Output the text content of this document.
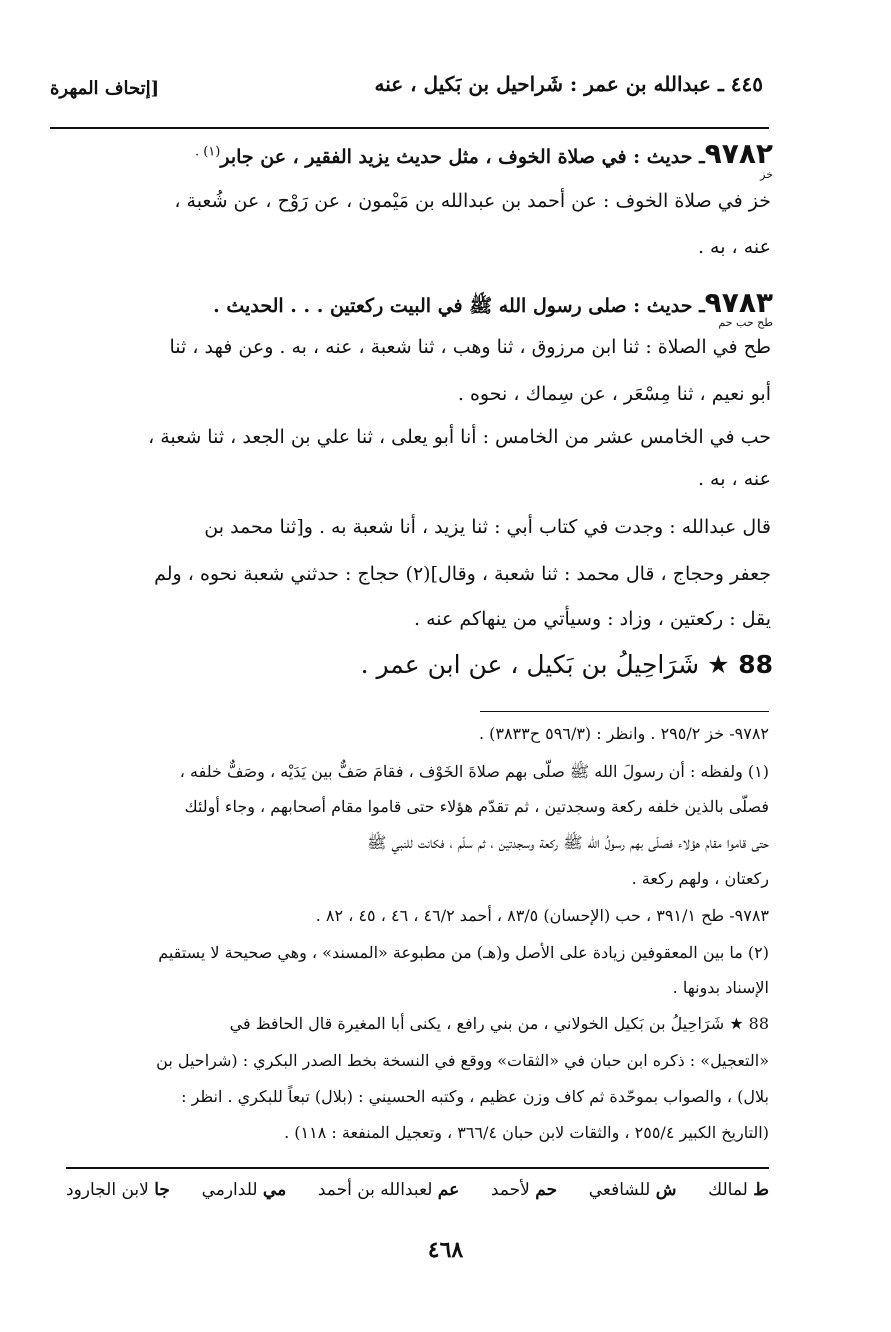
٤٤٥ ـ عبدالله بن عمر : شَراحيل بن بَكيل ، عنه
[إتحاف المهرة
٩٧٨٢ـ حديث : في صلاة الخوف ، مثل حديث يزيد الفقير ، عن جابر$^{(١) .}$
خز
خز في صلاة الخوف : عن أحمد بن عبدالله بن مَيْمون ، عن رَوْح ، عن شُعبة ،
عنه ، به .
٩٧٨٣ـ حديث : صلى رسول الله ﷺ في البيت ركعتين . . . الحديث .
طح حب حم
طح في الصلاة : ثنا ابن مرزوق ، ثنا وهب ، ثنا شعبة ، عنه ، به . وعن فهد ، ثنا
أبو نعيم ، ثنا مِسْعَر ، عن سِماك ، نحوه .
حب في الخامس عشر من الخامس : أنا أبو يعلى ، ثنا علي بن الجعد ، ثنا شعبة ،
عنه ، به .
قال عبدالله : وجدت في كتاب أبي : ثنا يزيد ، أنا شعبة به . و[ثنا محمد بن
جعفر وحجاج ، قال محمد : ثنا شعبة ، وقال](٢) حجاج : حدثني شعبة نحوه ، ولم
يقل : ركعتين ، وزاد : وسيأتي من ينهاكم عنه .
88 ★ شَرَاحِيلُ بن بَكيل ، عن ابن عمر .
٩٧٨٢- خز ٢٩٥/٢ . وانظر : (٥٩٦/٣ ح٣٨٣٣) .
(١) ولفظه : أن رسولَ الله ﷺ صلّى بهم صلاةَ الخَوْف ، فقامَ صَفٌّ بين يَدَيْه ، وصَفٌّ خلفه ،
فصلّى بالذين خلفه ركعة وسجدتين ، ثم تقدّم هؤلاء حتى قاموا مقام أصحابهم ، وجاء أولئك
حتى قاموا مقام هؤلاء فصلّى بهم رسولُ الله ﷺ ركعة وسجدتين ، ثم سلّم ، فكانت للنبي ﷺ
ركعتان ، ولهم ركعة .
٩٧٨٣- طح ٣٩١/١ ، حب (الإحسان) ٨٣/٥ ، أحمد ٤٦/٢ ، ٤٦ ، ٤٥ ، ٨٢ .
(٢) ما بين المعقوفين زيادة على الأصل و(هـ) من مطبوعة «المسند» ، وهي صحيحة لا يستقيم
الإسناد بدونها .
88 ★ شَرَاحِيلُ بن بَكيل الخولاني ، من بني رافع ، يكنى أبا المغيرة قال الحافظ في
«التعجيل» : ذكره ابن حبان في «الثقات» ووقع في النسخة بخط الصدر البكري : (شراحيل بن
بلال) ، والصواب بموحّدة ثم كاف وزن عظيم ، وكتبه الحسيني : (بلال) تبعاً للبكري . انظر :
(التاريخ الكبير ٢٥٥/٤ ، والثقات لابن حبان ٣٦٦/٤ ، وتعجيل المنفعة : ١١٨) .
ط لمالك
ش للشافعي
حم لأحمد
عم لعبدالله بن أحمد
مي للدارمي
جا لابن الجارود
٤٦٨
